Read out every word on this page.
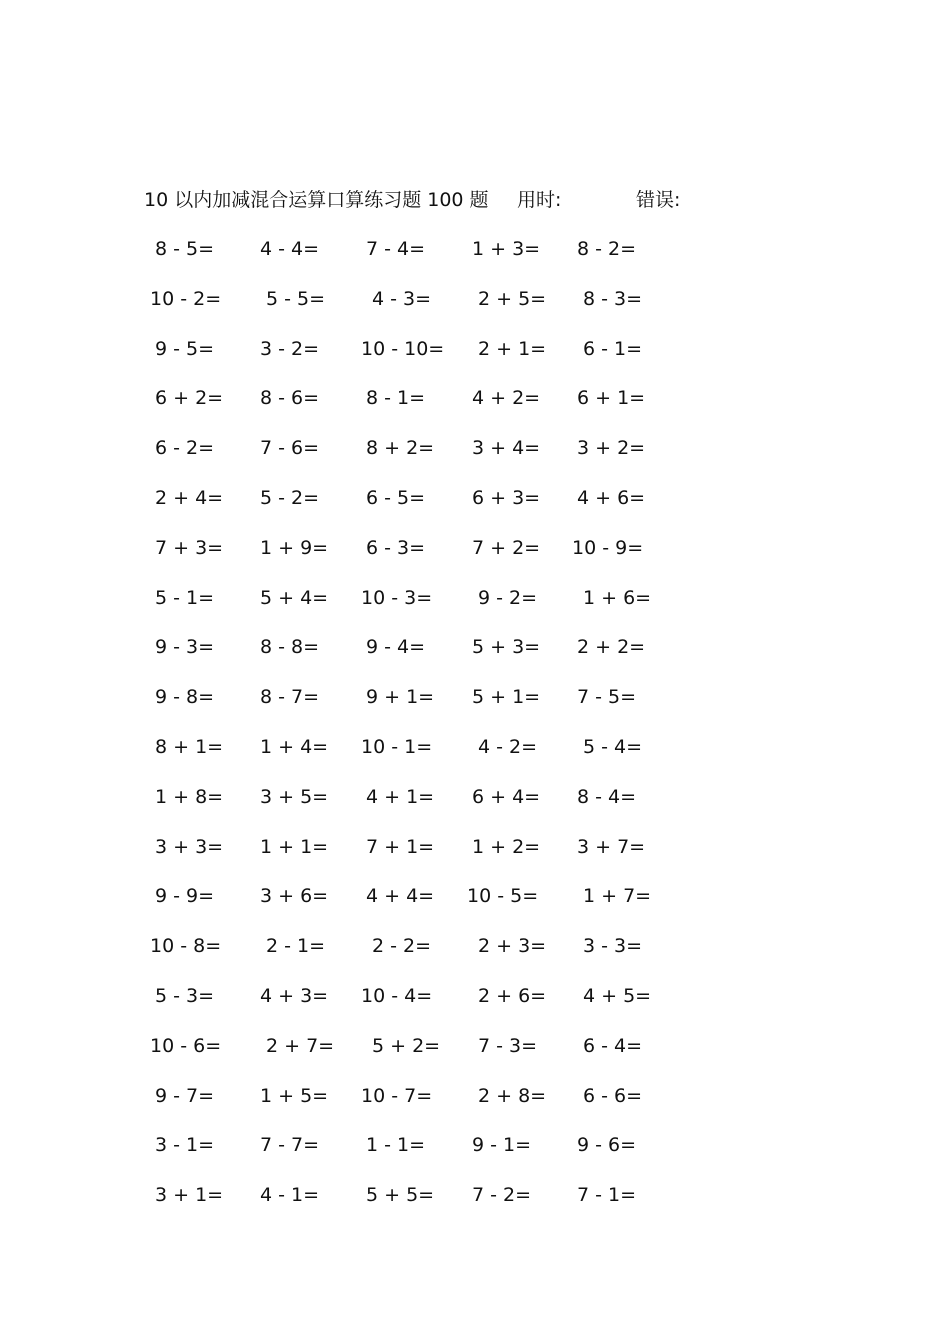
10 以内加减混合运算口算练习题 100 题 用时:	错误:
8 - 5= 4 - 4= 7 - 4= 1 + 3= 8 - 2=
10 - 2= 5 - 5= 4 - 3= 2 + 5= 8 - 3=
9 - 5= 3 - 2= 10 - 10= 2 + 1= 6 - 1=
6 + 2= 8 - 6= 8 - 1= 4 + 2= 6 + 1=
6 - 2= 7 - 6= 8 + 2= 3 + 4= 3 + 2=
2 + 4= 5 - 2= 6 - 5= 6 + 3= 4 + 6=
7 + 3= 1 + 9= 6 - 3= 7 + 2= 10 - 9=
5 - 1= 5 + 4= 10 - 3= 9 - 2= 1 + 6=
9 - 3= 8 - 8= 9 - 4= 5 + 3= 2 + 2=
9 - 8= 8 - 7= 9 + 1= 5 + 1= 7 - 5=
8 + 1= 1 + 4= 10 - 1= 4 - 2= 5 - 4=
1 + 8= 3 + 5= 4 + 1= 6 + 4= 8 - 4=
3 + 3= 1 + 1= 7 + 1= 1 + 2= 3 + 7=
9 - 9= 3 + 6= 4 + 4= 10 - 5= 1 + 7=
10 - 8= 2 - 1= 2 - 2= 2 + 3= 3 - 3=
5 - 3= 4 + 3= 10 - 4= 2 + 6= 4 + 5=
10 - 6= 2 + 7= 5 + 2= 7 - 3= 6 - 4=
9 - 7= 1 + 5= 10 - 7= 2 + 8= 6 - 6=
3 - 1= 7 - 7= 1 - 1= 9 - 1= 9 - 6=
3 + 1= 4 - 1= 5 + 5= 7 - 2= 7 - 1=
